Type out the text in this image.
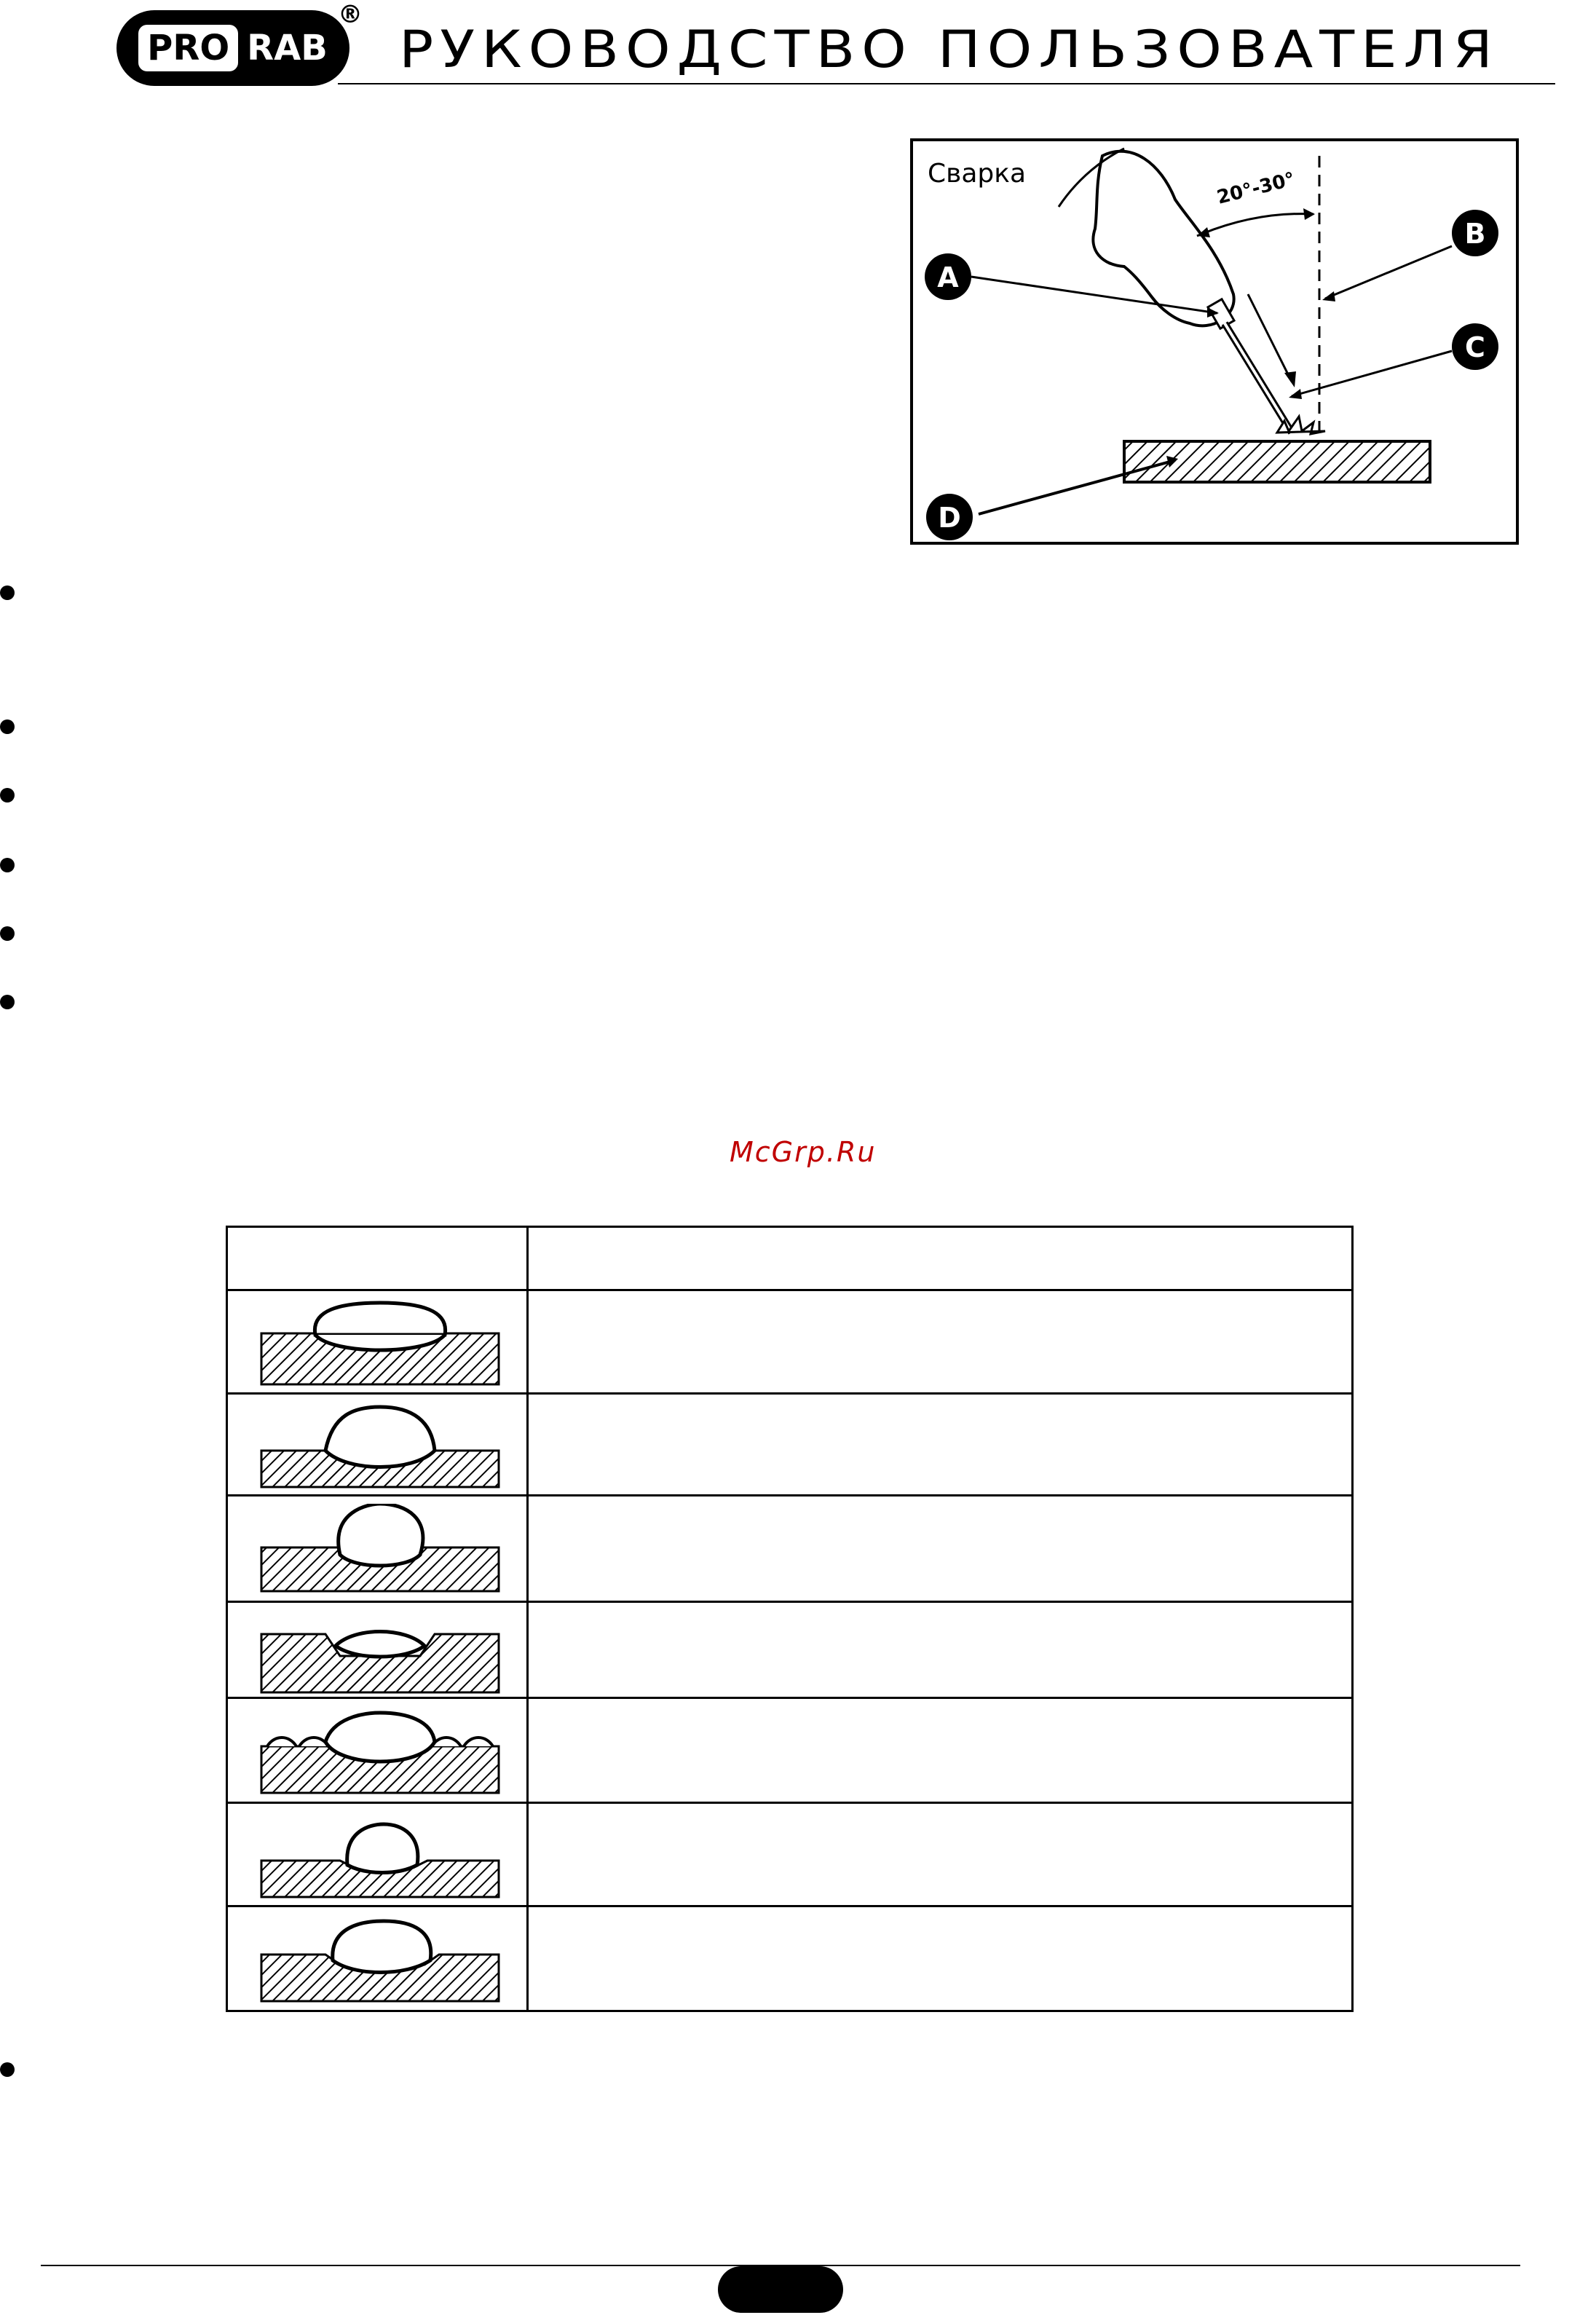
PRO RAB
®
РУКОВОДСТВО ПОЛЬЗОВАТЕЛЯ
Сварка	20°-30°
A
B
C
D
McGrp.Ru
